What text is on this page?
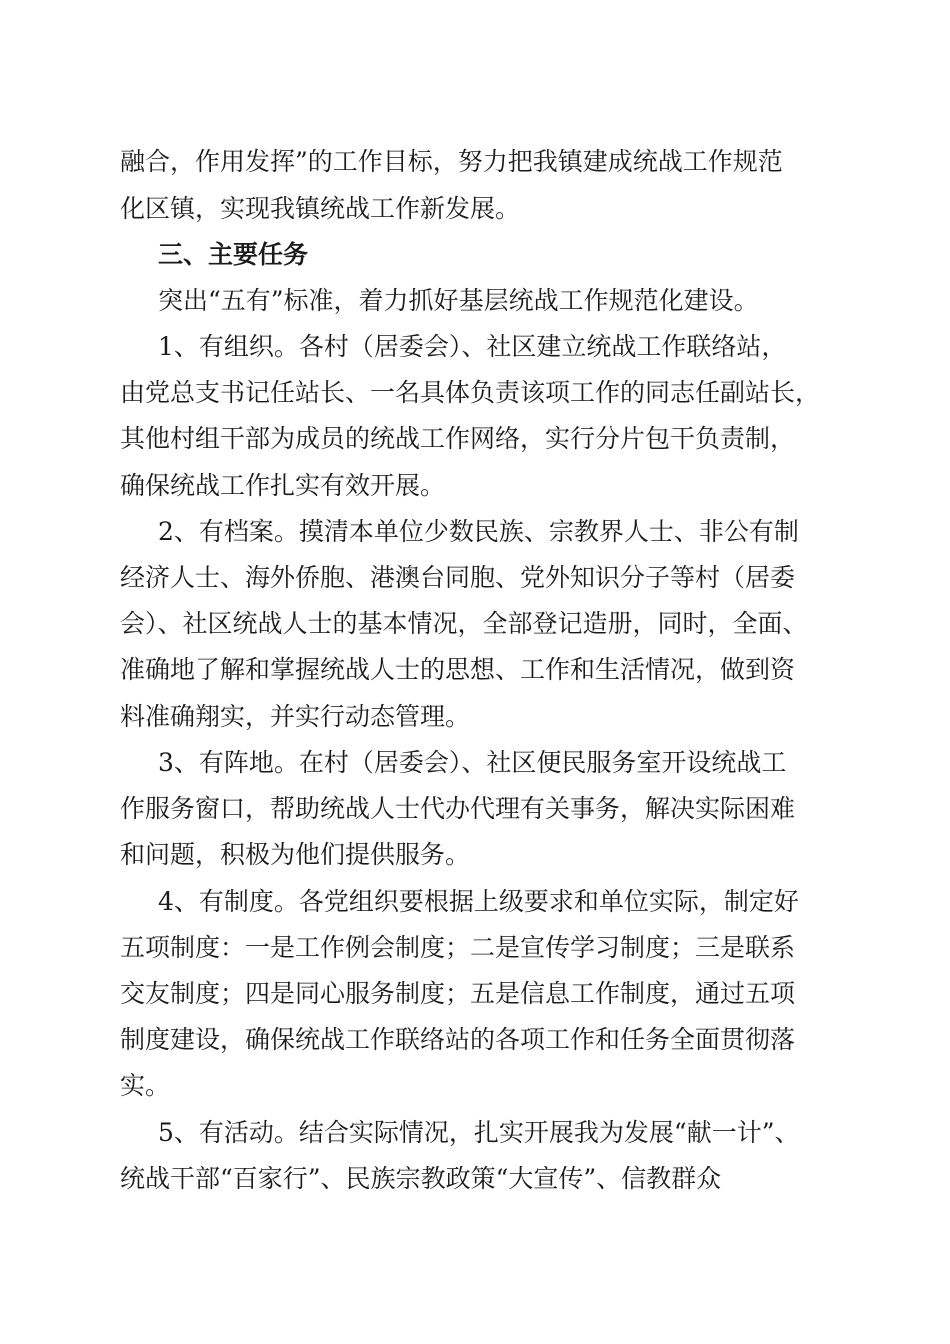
融合，作用发挥”的工作目标，努力把我镇建成统战工作规范
化区镇，实现我镇统战工作新发展。
三、主要任务
突出“五有”标准，着力抓好基层统战工作规范化建设。
1、有组织。各村（居委会）、社区建立统战工作联络站，
由党总支书记任站长、一名具体负责该项工作的同志任副站长，
其他村组干部为成员的统战工作网络，实行分片包干负责制，
确保统战工作扎实有效开展。
2、有档案。摸清本单位少数民族、宗教界人士、非公有制
经济人士、海外侨胞、港澳台同胞、党外知识分子等村（居委
会）、社区统战人士的基本情况，全部登记造册，同时，全面、
准确地了解和掌握统战人士的思想、工作和生活情况，做到资
料准确翔实，并实行动态管理。
3、有阵地。在村（居委会）、社区便民服务室开设统战工
作服务窗口，帮助统战人士代办代理有关事务，解决实际困难
和问题，积极为他们提供服务。
4、有制度。各党组织要根据上级要求和单位实际，制定好
五项制度：一是工作例会制度；二是宣传学习制度；三是联系
交友制度；四是同心服务制度；五是信息工作制度，通过五项
制度建设，确保统战工作联络站的各项工作和任务全面贯彻落
实。
5、有活动。结合实际情况，扎实开展我为发展“献一计”、
统战干部“百家行”、民族宗教政策“大宣传”、信教群众
